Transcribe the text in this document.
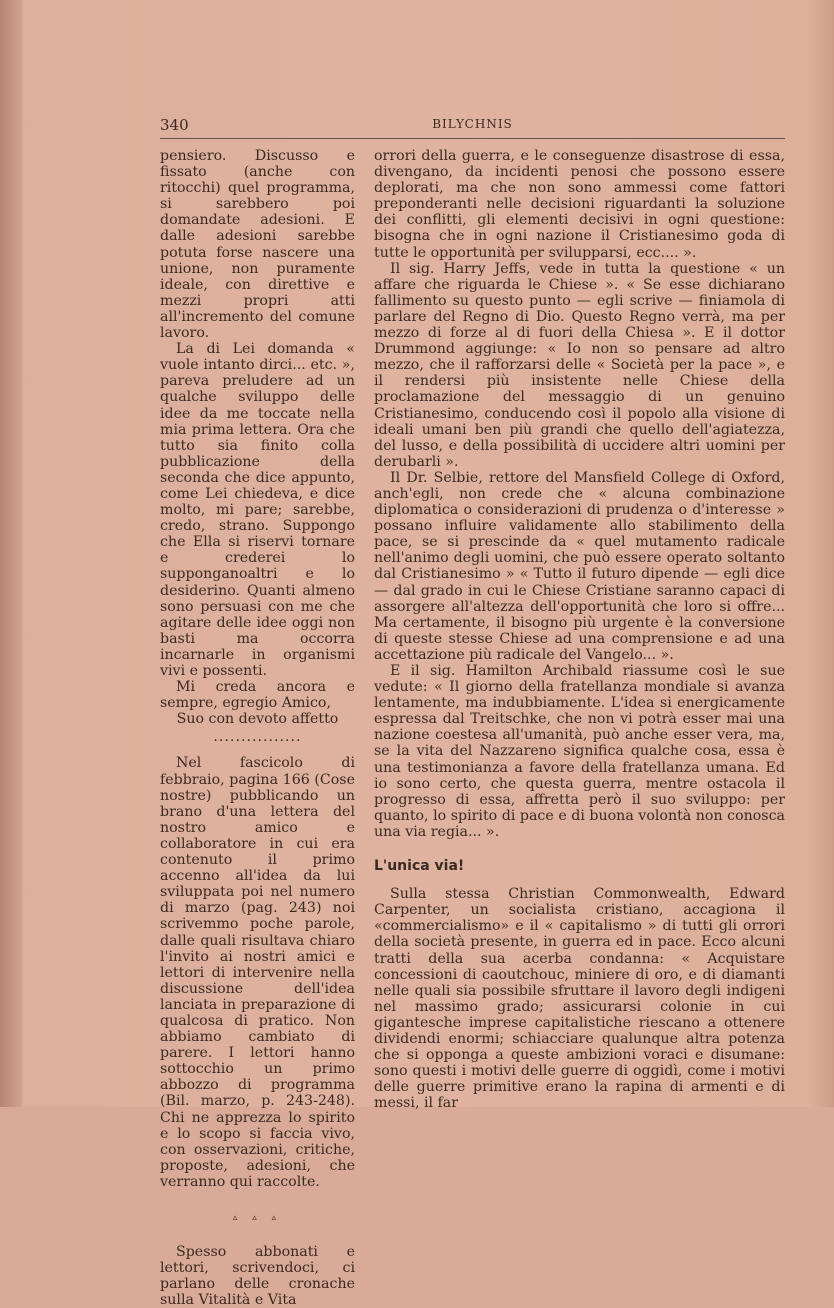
340	BILYCHNIS

pensiero. Discusso e fissato (anche con ritocchi) quel programma, si sarebbero poi domandate adesioni. E dalle adesioni sarebbe potuta forse nascere una unione, non puramente ideale, con direttive e mezzi propri atti all'incremento del comune lavoro.

La di Lei domanda « vuole intanto dirci... etc. », pareva preludere ad un qualche sviluppo delle idee da me toccate nella mia prima lettera. Ora che tutto sia finito colla pubblicazione della seconda che dice appunto, come Lei chiedeva, e dice molto, mi pare; sarebbe, credo, strano. Suppongo che Ella si riservi tornare e crederei lo supponganoaltri e lo desiderino. Quanti almeno sono persuasi con me che agitare delle idee oggi non basti ma occorra incarnarle in organismi vivi e possenti.

Mi creda ancora e sempre, egregio Amico,

Suo con devoto affetto

................

Nel fascicolo di febbraio, pagina 166 (Cose nostre) pubblicando un brano d'una lettera del nostro amico e collaboratore in cui era contenuto il primo accenno all'idea da lui sviluppata poi nel numero di marzo (pag. 243) noi scrivemmo poche parole, dalle quali risultava chiaro l'invito ai nostri amici e lettori di intervenire nella discussione dell'idea lanciata in preparazione di qualcosa di pratico. Non abbiamo cambiato di parere. I lettori hanno sottocchio un primo abbozzo di programma (Bil. marzo, p. 243-248). Chi ne apprezza lo spirito e lo scopo si faccia vivo, con osservazioni, critiche, proposte, adesioni, che verranno qui raccolte.

▵ ▵ ▵

Spesso abbonati e lettori, scrivendoci, ci parlano delle cronache sulla Vitalità e Vita

orrori della guerra, e le conseguenze disastrose di essa, divengano, da incidenti penosi che possono essere deplorati, ma che non sono ammessi come fattori preponderanti nelle decisioni riguardanti la soluzione dei conflitti, gli elementi decisivi in ogni questione: bisogna che in ogni nazione il Cristianesimo goda di tutte le opportunità per svilupparsi, ecc.... ».

Il sig. Harry Jeffs, vede in tutta la questione « un affare che riguarda le Chiese ». « Se esse dichiarano fallimento su questo punto — egli scrive — finiamola di parlare del Regno di Dio. Questo Regno verrà, ma per mezzo di forze al di fuori della Chiesa ». E il dottor Drummond aggiunge: « Io non so pensare ad altro mezzo, che il rafforzarsi delle « Società per la pace », e il rendersi più insistente nelle Chiese della proclamazione del messaggio di un genuino Cristianesimo, conducendo così il popolo alla visione di ideali umani ben più grandi che quello dell'agiatezza, del lusso, e della possibilità di uccidere altri uomini per derubarli ».

Il Dr. Selbie, rettore del Mansfield College di Oxford, anch'egli, non crede che « alcuna combinazione diplomatica o considerazioni di prudenza o d'interesse » possano influire validamente allo stabilimento della pace, se si prescinde da « quel mutamento radicale nell'animo degli uomini, che può essere operato soltanto dal Cristianesimo » « Tutto il futuro dipende — egli dice — dal grado in cui le Chiese Cristiane saranno capaci di assorgere all'altezza dell'opportunità che loro si offre... Ma certamente, il bisogno più urgente è la conversione di queste stesse Chiese ad una comprensione e ad una accettazione più radicale del Vangelo... ».

E il sig. Hamilton Archibald riassume così le sue vedute: « Il giorno della fratellanza mondiale si avanza lentamente, ma indubbiamente. L'idea si energicamente espressa dal Treitschke, che non vi potrà esser mai una nazione coestesa all'umanità, può anche esser vera, ma, se la vita del Nazzareno significa qualche cosa, essa è una testimonianza a favore della fratellanza umana. Ed io sono certo, che questa guerra, mentre ostacola il progresso di essa, affretta però il suo sviluppo: per quanto, lo spirito di pace e di buona volontà non conosca una via regia... ».

L'unica via!

Sulla stessa Christian Commonwealth, Edward Carpenter, un socialista cristiano, accagiona il «commercialismo» e il « capitalismo » di tutti gli orrori della società presente, in guerra ed in pace. Ecco alcuni tratti della sua acerba condanna: « Acquistare concessioni di caoutchouc, miniere di oro, e di diamanti nelle quali sia possibile sfruttare il lavoro degli indigeni nel massimo grado; assicurarsi colonie in cui gigantesche imprese capitalistiche riescano a ottenere dividendi enormi; schiacciare qualunque altra potenza che si opponga a queste ambizioni voraci e disumane: sono questi i motivi delle guerre di oggidì, come i motivi delle guerre primitive erano la rapina di armenti e di messi, il far
